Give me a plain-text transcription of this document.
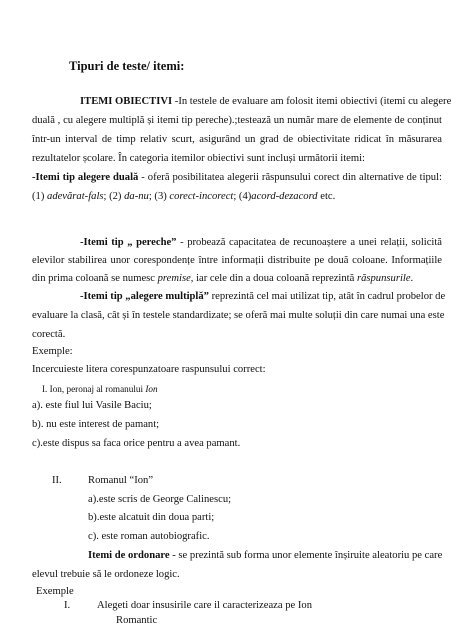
Tipuri de teste/ itemi:
ITEMI OBIECTIVI -In testele de evaluare am folosit itemi obiectivi (itemi cu alegere
duală , cu alegere multiplă și itemi tip pereche).;testează un număr mare de elemente de conținut
într-un interval de timp relativ scurt, asigurând un grad de obiectivitate ridicat în măsurarea
rezultatelor școlare. În categoria itemilor obiectivi sunt incluși următorii itemi:
-Itemi tip alegere duală - oferă posibilitatea alegerii răspunsului corect din alternative de tipul:
(1) adevărat-fals; (2) da-nu; (3) corect-incorect; (4)acord-dezacord etc.
-Itemi tip „ pereche” - probează capacitatea de recunoaștere a unei relații, solicită
elevilor stabilirea unor corespondențe între informații distribuite pe două coloane. Informațiile
din prima coloană se numesc premise, iar cele din a doua coloană reprezintă răspunsurile.
-Itemi tip „alegere multiplă” reprezintă cel mai utilizat tip, atât în cadrul probelor de
evaluare la clasă, cât și în testele standardizate; se oferă mai multe soluții din care numai una este
corectă.
Exemple:
Incercuieste litera corespunzatoare raspunsului correct:
I. Ion, peronaj al romanului Ion
a). este fiul lui Vasile Baciu;
b). nu este interest de pamant;
c).este dispus sa faca orice pentru a avea pamant.
II. Romanul “Ion”
a).este scris de George Calinescu;
b).este alcatuit din doua parti;
c). este roman autobiografic.
Itemi de ordonare - se prezintă sub forma unor elemente înșiruite aleatoriu pe care
elevul trebuie să le ordoneze logic.
Exemple
I.	Alegeti doar insusirile care il caracterizeaza pe Ion
Romantic
